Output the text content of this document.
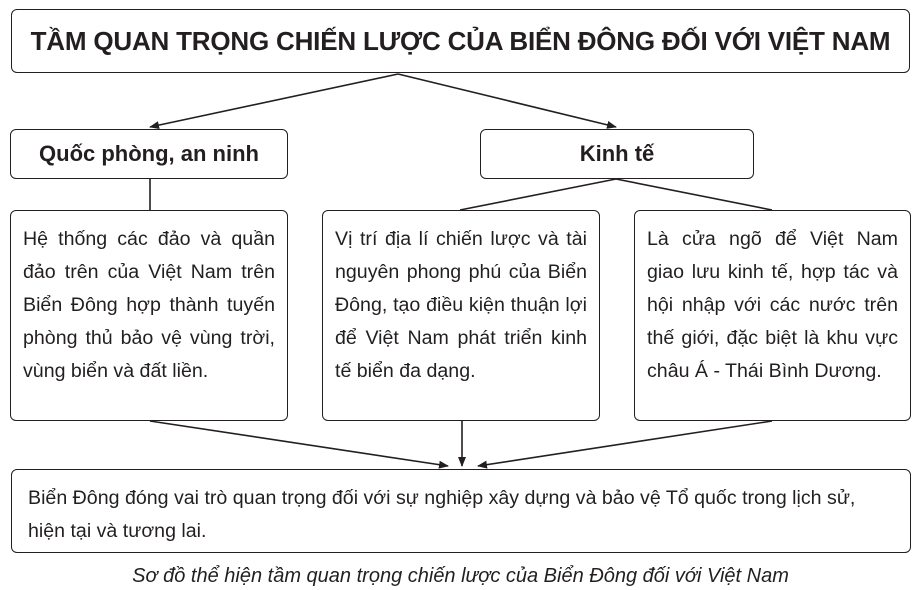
TẦM QUAN TRỌNG CHIẾN LƯỢC CỦA BIỂN ĐÔNG ĐỐI VỚI VIỆT NAM
Quốc phòng, an ninh	Kinh tế

Hệ thống các đảo và quần đảo trên của Việt Nam trên Biển Đông hợp thành tuyến phòng thủ bảo vệ vùng trời, vùng biển và đất liền.

Vị trí địa lí chiến lược và tài nguyên phong phú của Biển Đông, tạo điều kiện thuận lợi để Việt Nam phát triển kinh tế biển đa dạng.

Là cửa ngõ để Việt Nam giao lưu kinh tế, hợp tác và hội nhập với các nước trên thế giới, đặc biệt là khu vực châu Á - Thái Bình Dương.

Biển Đông đóng vai trò quan trọng đối với sự nghiệp xây dựng và bảo vệ Tổ quốc trong lịch sử, hiện tại và tương lai.

Sơ đồ thể hiện tầm quan trọng chiến lược của Biển Đông đối với Việt Nam
